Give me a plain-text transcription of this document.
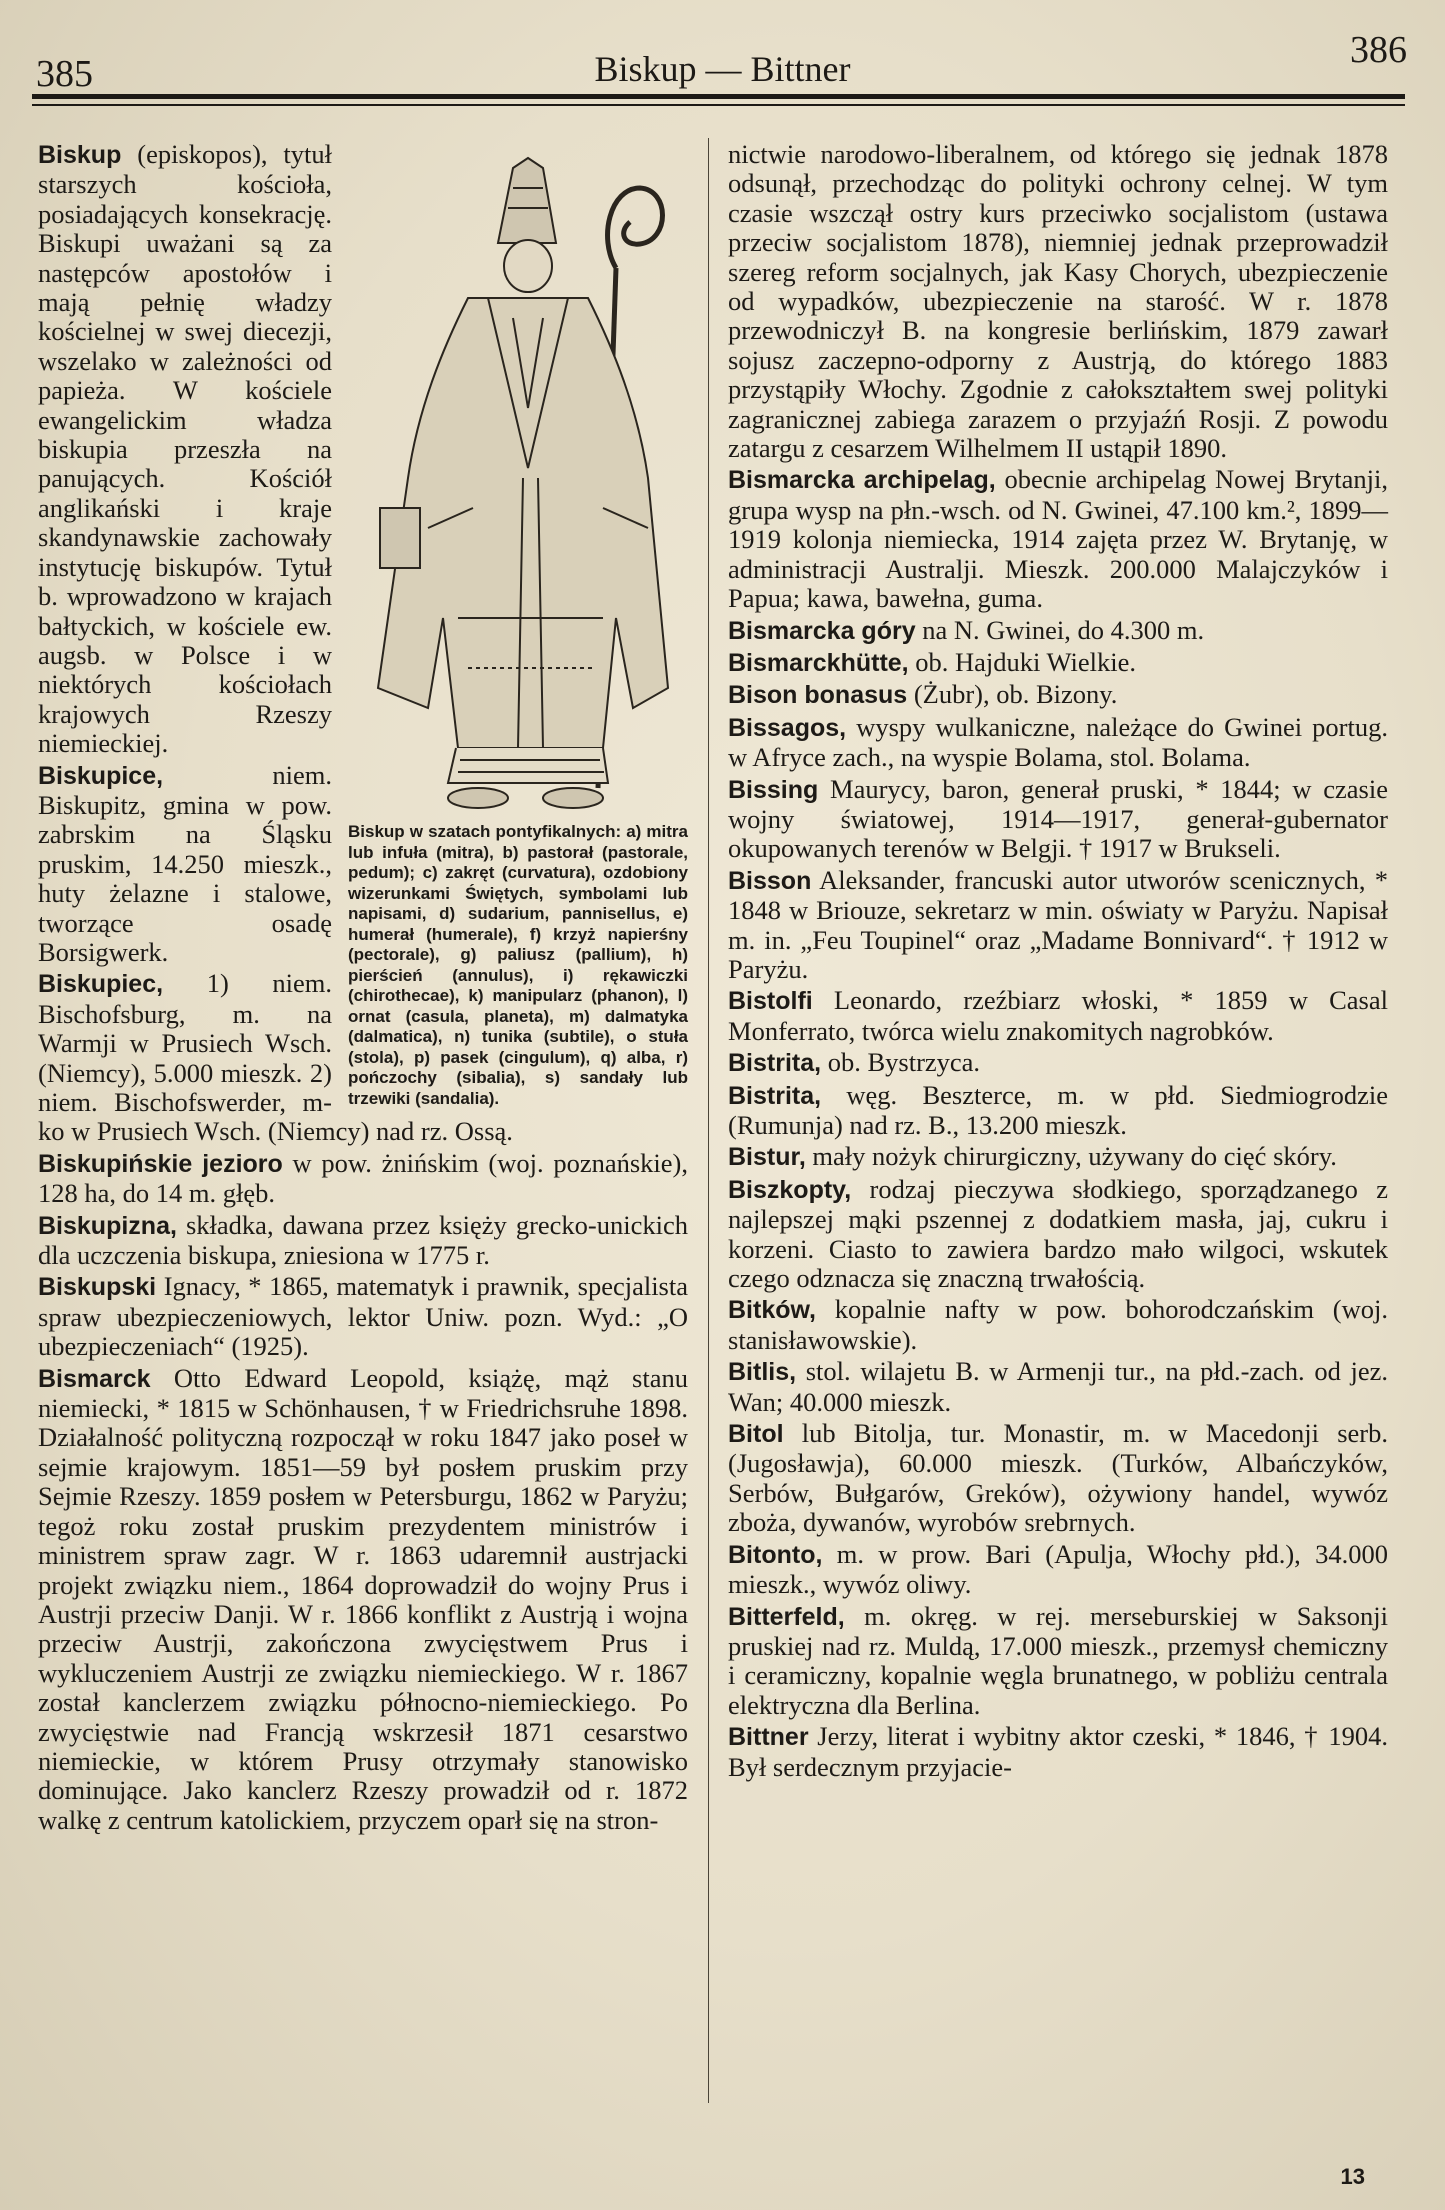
385	Biskup — Bittner	386
Biskup w szatach pontyfikalnych: a) mitra lub infuła (mitra), b) pastorał (pastorale, pedum); c) zakręt (curvatura), ozdobiony wizerunkami Świętych, symbolami lub napisami, d) sudarium, pannisellus, e) humerał (humerale), f) krzyż napierśny (pectorale), g) paliusz (pallium), h) pierścień (annulus), i) rękawiczki (chirothecae), k) manipularz (phanon), l) ornat (casula, planeta), m) dalmatyka (dalmatica), n) tunika (subtile), o stuła (stola), p) pasek (cingulum), q) alba, r) pończochy (sibalia), s) sandały lub trzewiki (sandalia).
Biskup (episkopos), tytuł starszych kościoła, posiadających konsekrację. Biskupi uważani są za następców apostołów i mają pełnię władzy kościelnej w swej diecezji, wszelako w zależności od papieża. W kościele ewangelickim władza biskupia przeszła na panujących. Kościół anglikański i kraje skandynawskie zachowały instytucję biskupów. Tytuł b. wprowadzono w krajach bałtyckich, w kościele ew. augsb. w Polsce i w niektórych kościołach krajowych Rzeszy niemieckiej.
Biskupice, niem. Biskupitz, gmina w pow. zabrskim na Śląsku pruskim, 14.250 mieszk., huty żelazne i stalowe, tworzące osadę Borsigwerk.
Biskupiec, 1) niem. Bischofsburg, m. na Warmji w Prusiech Wsch. (Niemcy), 5.000 mieszk. 2) niem. Bischofswerder, m-ko w Prusiech Wsch. (Niemcy) nad rz. Ossą.
Biskupińskie jezioro w pow. żnińskim (woj. poznańskie), 128 ha, do 14 m. głęb.
Biskupizna, składka, dawana przez księży grecko-unickich dla uczczenia biskupa, zniesiona w 1775 r.
Biskupski Ignacy, * 1865, matematyk i prawnik, specjalista spraw ubezpieczeniowych, lektor Uniw. pozn. Wyd.: „O ubezpieczeniach“ (1925).
Bismarck Otto Edward Leopold, książę, mąż stanu niemiecki, * 1815 w Schönhausen, † w Friedrichsruhe 1898. Działalność polityczną rozpoczął w roku 1847 jako poseł w sejmie krajowym. 1851—59 był posłem pruskim przy Sejmie Rzeszy. 1859 posłem w Petersburgu, 1862 w Paryżu; tegoż roku został pruskim prezydentem ministrów i ministrem spraw zagr. W r. 1863 udaremnił austrjacki projekt związku niem., 1864 doprowadził do wojny Prus i Austrji przeciw Danji. W r. 1866 konflikt z Austrją i wojna przeciw Austrji, zakończona zwycięstwem Prus i wykluczeniem Austrji ze związku niemieckiego. W r. 1867 został kanclerzem związku północno-niemieckiego. Po zwycięstwie nad Francją wskrzesił 1871 cesarstwo niemieckie, w którem Prusy otrzymały stanowisko dominujące. Jako kanclerz Rzeszy prowadził od r. 1872 walkę z centrum katolickiem, przyczem oparł się na stron-
nictwie narodowo-liberalnem, od którego się jednak 1878 odsunął, przechodząc do polityki ochrony celnej. W tym czasie wszczął ostry kurs przeciwko socjalistom (ustawa przeciw socjalistom 1878), niemniej jednak przeprowadził szereg reform socjalnych, jak Kasy Chorych, ubezpieczenie od wypadków, ubezpieczenie na starość. W r. 1878 przewodniczył B. na kongresie berlińskim, 1879 zawarł sojusz zaczepno-odporny z Austrją, do którego 1883 przystąpiły Włochy. Zgodnie z całokształtem swej polityki zagranicznej zabiega zarazem o przyjaźń Rosji. Z powodu zatargu z cesarzem Wilhelmem II ustąpił 1890.
Bismarcka archipelag, obecnie archipelag Nowej Brytanji, grupa wysp na płn.-wsch. od N. Gwinei, 47.100 km.², 1899—1919 kolonja niemiecka, 1914 zajęta przez W. Brytanję, w administracji Australji. Mieszk. 200.000 Malajczyków i Papua; kawa, bawełna, guma.
Bismarcka góry na N. Gwinei, do 4.300 m.
Bismarckhütte, ob. Hajduki Wielkie.
Bison bonasus (Żubr), ob. Bizony.
Bissagos, wyspy wulkaniczne, należące do Gwinei portug. w Afryce zach., na wyspie Bolama, stol. Bolama.
Bissing Maurycy, baron, generał pruski, * 1844; w czasie wojny światowej, 1914—1917, generał-gubernator okupowanych terenów w Belgji. † 1917 w Brukseli.
Bisson Aleksander, francuski autor utworów scenicznych, * 1848 w Briouze, sekretarz w min. oświaty w Paryżu. Napisał m. in. „Feu Toupinel“ oraz „Madame Bonnivard“. † 1912 w Paryżu.
Bistolfi Leonardo, rzeźbiarz włoski, * 1859 w Casal Monferrato, twórca wielu znakomitych nagrobków.
Bistrita, ob. Bystrzyca.
Bistrita, węg. Beszterce, m. w płd. Siedmiogrodzie (Rumunja) nad rz. B., 13.200 mieszk.
Bistur, mały nożyk chirurgiczny, używany do cięć skóry.
Biszkopty, rodzaj pieczywa słodkiego, sporządzanego z najlepszej mąki pszennej z dodatkiem masła, jaj, cukru i korzeni. Ciasto to zawiera bardzo mało wilgoci, wskutek czego odznacza się znaczną trwałością.
Bitków, kopalnie nafty w pow. bohorodczańskim (woj. stanisławowskie).
Bitlis, stol. wilajetu B. w Armenji tur., na płd.-zach. od jez. Wan; 40.000 mieszk.
Bitol lub Bitolja, tur. Monastir, m. w Macedonji serb. (Jugosławja), 60.000 mieszk. (Turków, Albańczyków, Serbów, Bułgarów, Greków), ożywiony handel, wywóz zboża, dywanów, wyrobów srebrnych.
Bitonto, m. w prow. Bari (Apulja, Włochy płd.), 34.000 mieszk., wywóz oliwy.
Bitterfeld, m. okręg. w rej. merseburskiej w Saksonji pruskiej nad rz. Muldą, 17.000 mieszk., przemysł chemiczny i ceramiczny, kopalnie węgla brunatnego, w pobliżu centrala elektryczna dla Berlina.
Bittner Jerzy, literat i wybitny aktor czeski, * 1846, † 1904. Był serdecznym przyjacie-
13
